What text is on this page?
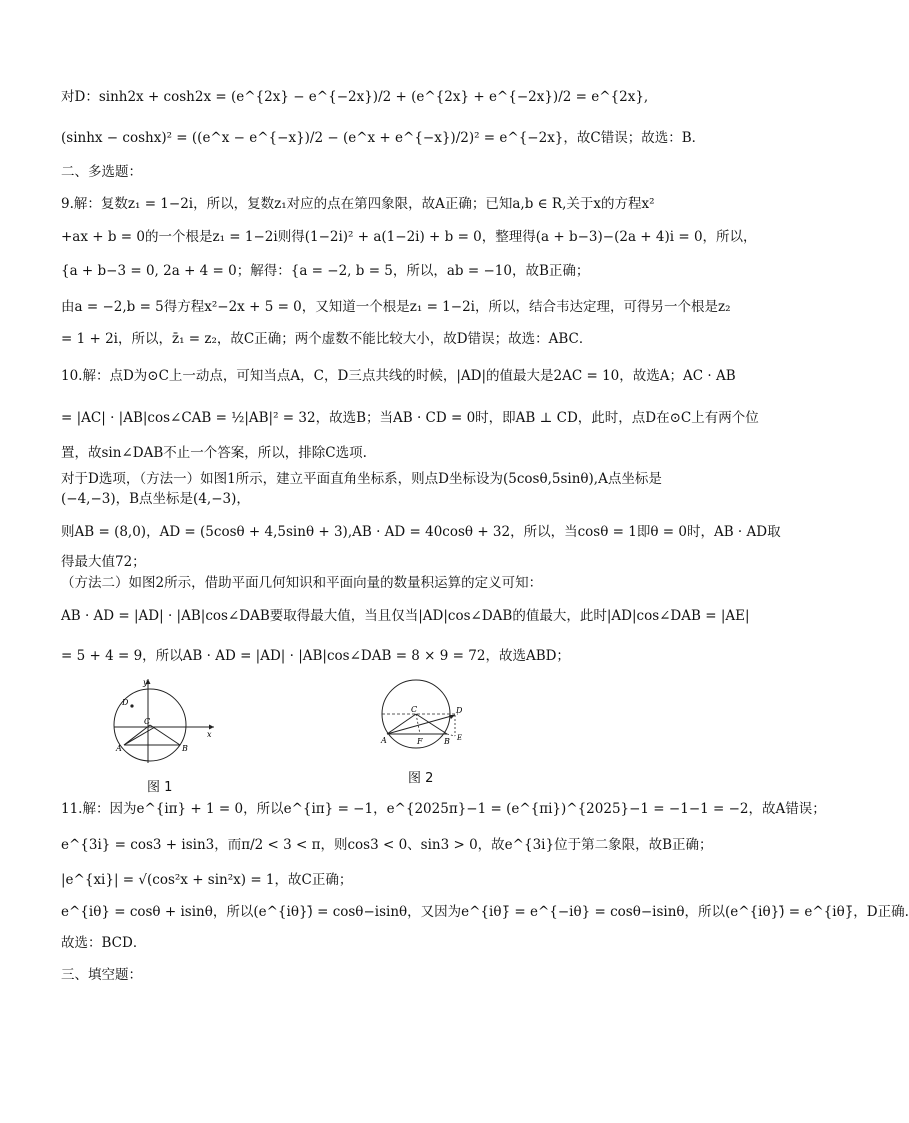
对D：sinh2x + cosh2x = (e^{2x} − e^{−2x})/2 + (e^{2x} + e^{−2x})/2 = e^{2x},
(sinhx − coshx)² = ((e^x − e^{−x})/2 − (e^x + e^{−x})/2)² = e^{−2x}，故C错误；故选：B．
二、多选题：
9.解：复数z₁ = 1−2i，所以，复数z₁对应的点在第四象限，故A正确；已知a,b ∈ R,关于x的方程x²
+ax + b = 0的一个根是z₁ = 1−2i则得(1−2i)² + a(1−2i) + b = 0，整理得(a + b−3)−(2a + 4)i = 0，所以，
{a + b−3 = 0, 2a + 4 = 0；解得：{a = −2, b = 5，所以，ab = −10，故B正确；
由a = −2,b = 5得方程x²−2x + 5 = 0，又知道一个根是z₁ = 1−2i，所以，结合韦达定理，可得另一个根是z₂
= 1 + 2i，所以，z̄₁ = z₂，故C正确；两个虚数不能比较大小，故D错误；故选：ABC．
10.解：点D为⊙C上一动点，可知当点A，C，D三点共线的时候，|AD|的值最大是2AC = 10，故选A；AC · AB
= |AC| · |AB|cos∠CAB = ½|AB|² = 32，故选B；当AB · CD = 0时，即AB ⊥ CD，此时，点D在⊙C上有两个位
置，故sin∠DAB不止一个答案，所以，排除C选项.
对于D选项，（方法一）如图1所示，建立平面直角坐标系，则点D坐标设为(5cosθ,5sinθ),A点坐标是
(−4,−3)，B点坐标是(4,−3)，
则AB = (8,0)，AD = (5cosθ + 4,5sinθ + 3),AB · AD = 40cosθ + 32，所以，当cosθ = 1即θ = 0时，AB · AD取
得最大值72；
（方法二）如图2所示，借助平面几何知识和平面向量的数量积运算的定义可知：
AB · AD = |AD| · |AB|cos∠DAB要取得最大值，当且仅当|AD|cos∠DAB的值最大，此时|AD|cos∠DAB = |AE|
= 5 + 4 = 9，所以AB · AD = |AD| · |AB|cos∠DAB = 8 × 9 = 72，故选ABD；
y
x
D
C
A	B
图 1
C	D
A	F	B E
图 2
11.解：因为e^{iπ} + 1 = 0，所以e^{iπ} = −1，e^{2025π}−1 = (e^{πi})^{2025}−1 = −1−1 = −2，故A错误；
e^{3i} = cos3 + isin3，而π/2 < 3 < π，则cos3 < 0、sin3 > 0，故e^{3i}位于第二象限，故B正确；
|e^{xi}| = √(cos²x + sin²x) = 1，故C正确；
e^{iθ} = cosθ + isinθ，所以(e^{iθ})̄ = cosθ−isinθ，又因为e^{iθ}̄ = e^{−iθ} = cosθ−isinθ，所以(e^{iθ})̄ = e^{iθ}̄，D正确.
故选：BCD．
三、填空题：
